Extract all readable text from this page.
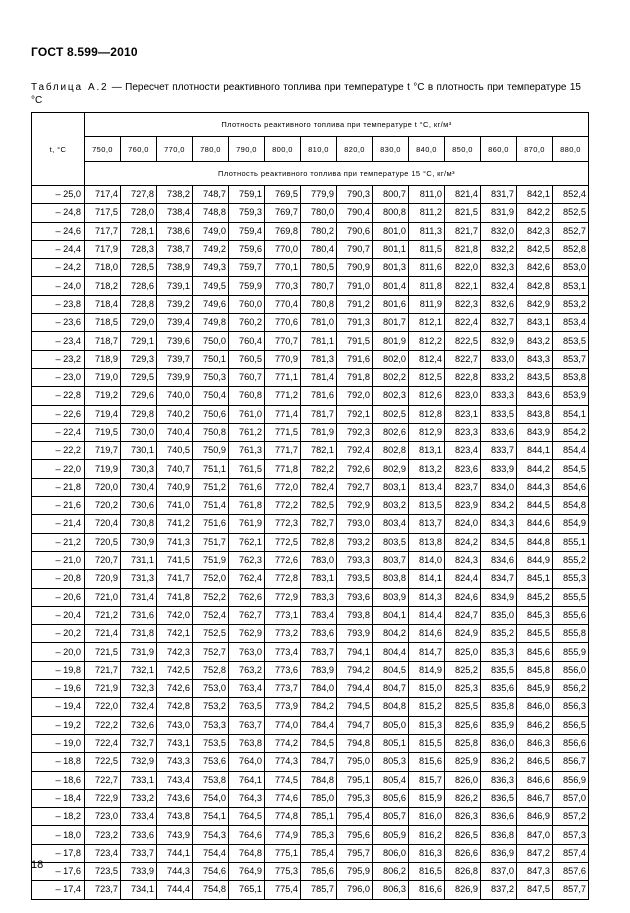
ГОСТ 8.599—2010
Таблица А.2 — Пересчет плотности реактивного топлива при температуре t °С в плотность при температуре 15 °С
t, °С	Плотность реактивного топлива при температуре t °С, кг/м³													
	750,0	760,0	770,0	780,0	790,0	800,0	810,0	820,0	830,0	840,0	850,0	860,0	870,0	880,0
	Плотность реактивного топлива при температуре 15 °С, кг/м³													
– 25,0	717,4	727,8	738,2	748,7	759,1	769,5	779,9	790,3	800,7	811,0	821,4	831,7	842,1	852,4
– 24,8	717,5	728,0	738,4	748,8	759,3	769,7	780,0	790,4	800,8	811,2	821,5	831,9	842,2	852,5
– 24,6	717,7	728,1	738,6	749,0	759,4	769,8	780,2	790,6	801,0	811,3	821,7	832,0	842,3	852,7
– 24,4	717,9	728,3	738,7	749,2	759,6	770,0	780,4	790,7	801,1	811,5	821,8	832,2	842,5	852,8
– 24,2	718,0	728,5	738,9	749,3	759,7	770,1	780,5	790,9	801,3	811,6	822,0	832,3	842,6	853,0
– 24,0	718,2	728,6	739,1	749,5	759,9	770,3	780,7	791,0	801,4	811,8	822,1	832,4	842,8	853,1
– 23,8	718,4	728,8	739,2	749,6	760,0	770,4	780,8	791,2	801,6	811,9	822,3	832,6	842,9	853,2
– 23,6	718,5	729,0	739,4	749,8	760,2	770,6	781,0	791,3	801,7	812,1	822,4	832,7	843,1	853,4
– 23,4	718,7	729,1	739,6	750,0	760,4	770,7	781,1	791,5	801,9	812,2	822,5	832,9	843,2	853,5
– 23,2	718,9	729,3	739,7	750,1	760,5	770,9	781,3	791,6	802,0	812,4	822,7	833,0	843,3	853,7
– 23,0	719,0	729,5	739,9	750,3	760,7	771,1	781,4	791,8	802,2	812,5	822,8	833,2	843,5	853,8
– 22,8	719,2	729,6	740,0	750,4	760,8	771,2	781,6	792,0	802,3	812,6	823,0	833,3	843,6	853,9
– 22,6	719,4	729,8	740,2	750,6	761,0	771,4	781,7	792,1	802,5	812,8	823,1	833,5	843,8	854,1
– 22,4	719,5	730,0	740,4	750,8	761,2	771,5	781,9	792,3	802,6	812,9	823,3	833,6	843,9	854,2
– 22,2	719,7	730,1	740,5	750,9	761,3	771,7	782,1	792,4	802,8	813,1	823,4	833,7	844,1	854,4
– 22,0	719,9	730,3	740,7	751,1	761,5	771,8	782,2	792,6	802,9	813,2	823,6	833,9	844,2	854,5
– 21,8	720,0	730,4	740,9	751,2	761,6	772,0	782,4	792,7	803,1	813,4	823,7	834,0	844,3	854,6
– 21,6	720,2	730,6	741,0	751,4	761,8	772,2	782,5	792,9	803,2	813,5	823,9	834,2	844,5	854,8
– 21,4	720,4	730,8	741,2	751,6	761,9	772,3	782,7	793,0	803,4	813,7	824,0	834,3	844,6	854,9
– 21,2	720,5	730,9	741,3	751,7	762,1	772,5	782,8	793,2	803,5	813,8	824,2	834,5	844,8	855,1
– 21,0	720,7	731,1	741,5	751,9	762,3	772,6	783,0	793,3	803,7	814,0	824,3	834,6	844,9	855,2
– 20,8	720,9	731,3	741,7	752,0	762,4	772,8	783,1	793,5	803,8	814,1	824,4	834,7	845,1	855,3
– 20,6	721,0	731,4	741,8	752,2	762,6	772,9	783,3	793,6	803,9	814,3	824,6	834,9	845,2	855,5
– 20,4	721,2	731,6	742,0	752,4	762,7	773,1	783,4	793,8	804,1	814,4	824,7	835,0	845,3	855,6
– 20,2	721,4	731,8	742,1	752,5	762,9	773,2	783,6	793,9	804,2	814,6	824,9	835,2	845,5	855,8
– 20,0	721,5	731,9	742,3	752,7	763,0	773,4	783,7	794,1	804,4	814,7	825,0	835,3	845,6	855,9
– 19,8	721,7	732,1	742,5	752,8	763,2	773,6	783,9	794,2	804,5	814,9	825,2	835,5	845,8	856,0
– 19,6	721,9	732,3	742,6	753,0	763,4	773,7	784,0	794,4	804,7	815,0	825,3	835,6	845,9	856,2
– 19,4	722,0	732,4	742,8	753,2	763,5	773,9	784,2	794,5	804,8	815,2	825,5	835,8	846,0	856,3
– 19,2	722,2	732,6	743,0	753,3	763,7	774,0	784,4	794,7	805,0	815,3	825,6	835,9	846,2	856,5
– 19,0	722,4	732,7	743,1	753,5	763,8	774,2	784,5	794,8	805,1	815,5	825,8	836,0	846,3	856,6
– 18,8	722,5	732,9	743,3	753,6	764,0	774,3	784,7	795,0	805,3	815,6	825,9	836,2	846,5	856,7
– 18,6	722,7	733,1	743,4	753,8	764,1	774,5	784,8	795,1	805,4	815,7	826,0	836,3	846,6	856,9
– 18,4	722,9	733,2	743,6	754,0	764,3	774,6	785,0	795,3	805,6	815,9	826,2	836,5	846,7	857,0
– 18,2	723,0	733,4	743,8	754,1	764,5	774,8	785,1	795,4	805,7	816,0	826,3	836,6	846,9	857,2
– 18,0	723,2	733,6	743,9	754,3	764,6	774,9	785,3	795,6	805,9	816,2	826,5	836,8	847,0	857,3
– 17,8	723,4	733,7	744,1	754,4	764,8	775,1	785,4	795,7	806,0	816,3	826,6	836,9	847,2	857,4
– 17,6	723,5	733,9	744,3	754,6	764,9	775,3	785,6	795,9	806,2	816,5	826,8	837,0	847,3	857,6
– 17,4	723,7	734,1	744,4	754,8	765,1	775,4	785,7	796,0	806,3	816,6	826,9	837,2	847,5	857,7
18
